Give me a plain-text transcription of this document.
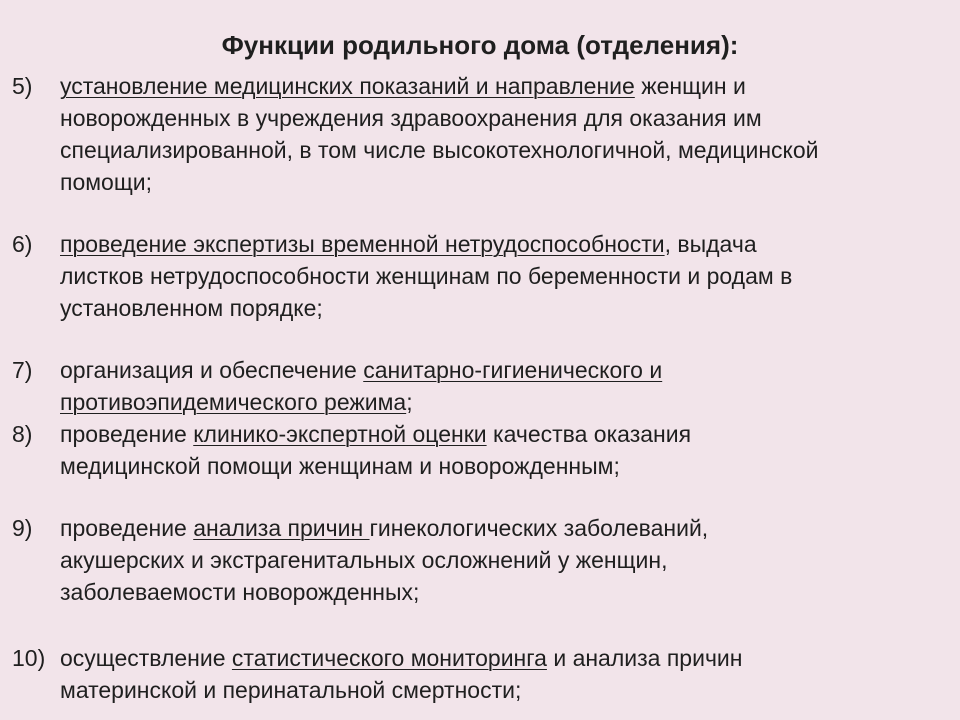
Функции родильного дома (отделения):
5) установление медицинских показаний и направление женщин и
новорожденных в учреждения здравоохранения для оказания им
специализированной, в том числе высокотехнологичной, медицинской
помощи;
6) проведение экспертизы временной нетрудоспособности, выдача
листков нетрудоспособности женщинам по беременности и родам в
установленном порядке;
7) организация и обеспечение санитарно-гигиенического и
противоэпидемического режима;
8) проведение клинико-экспертной оценки качества оказания
медицинской помощи женщинам и новорожденным;
9) проведение анализа причин гинекологических заболеваний,
акушерских и экстрагенитальных осложнений у женщин,
заболеваемости новорожденных;
10) осуществление статистического мониторинга и анализа причин
материнской и перинатальной смертности;
